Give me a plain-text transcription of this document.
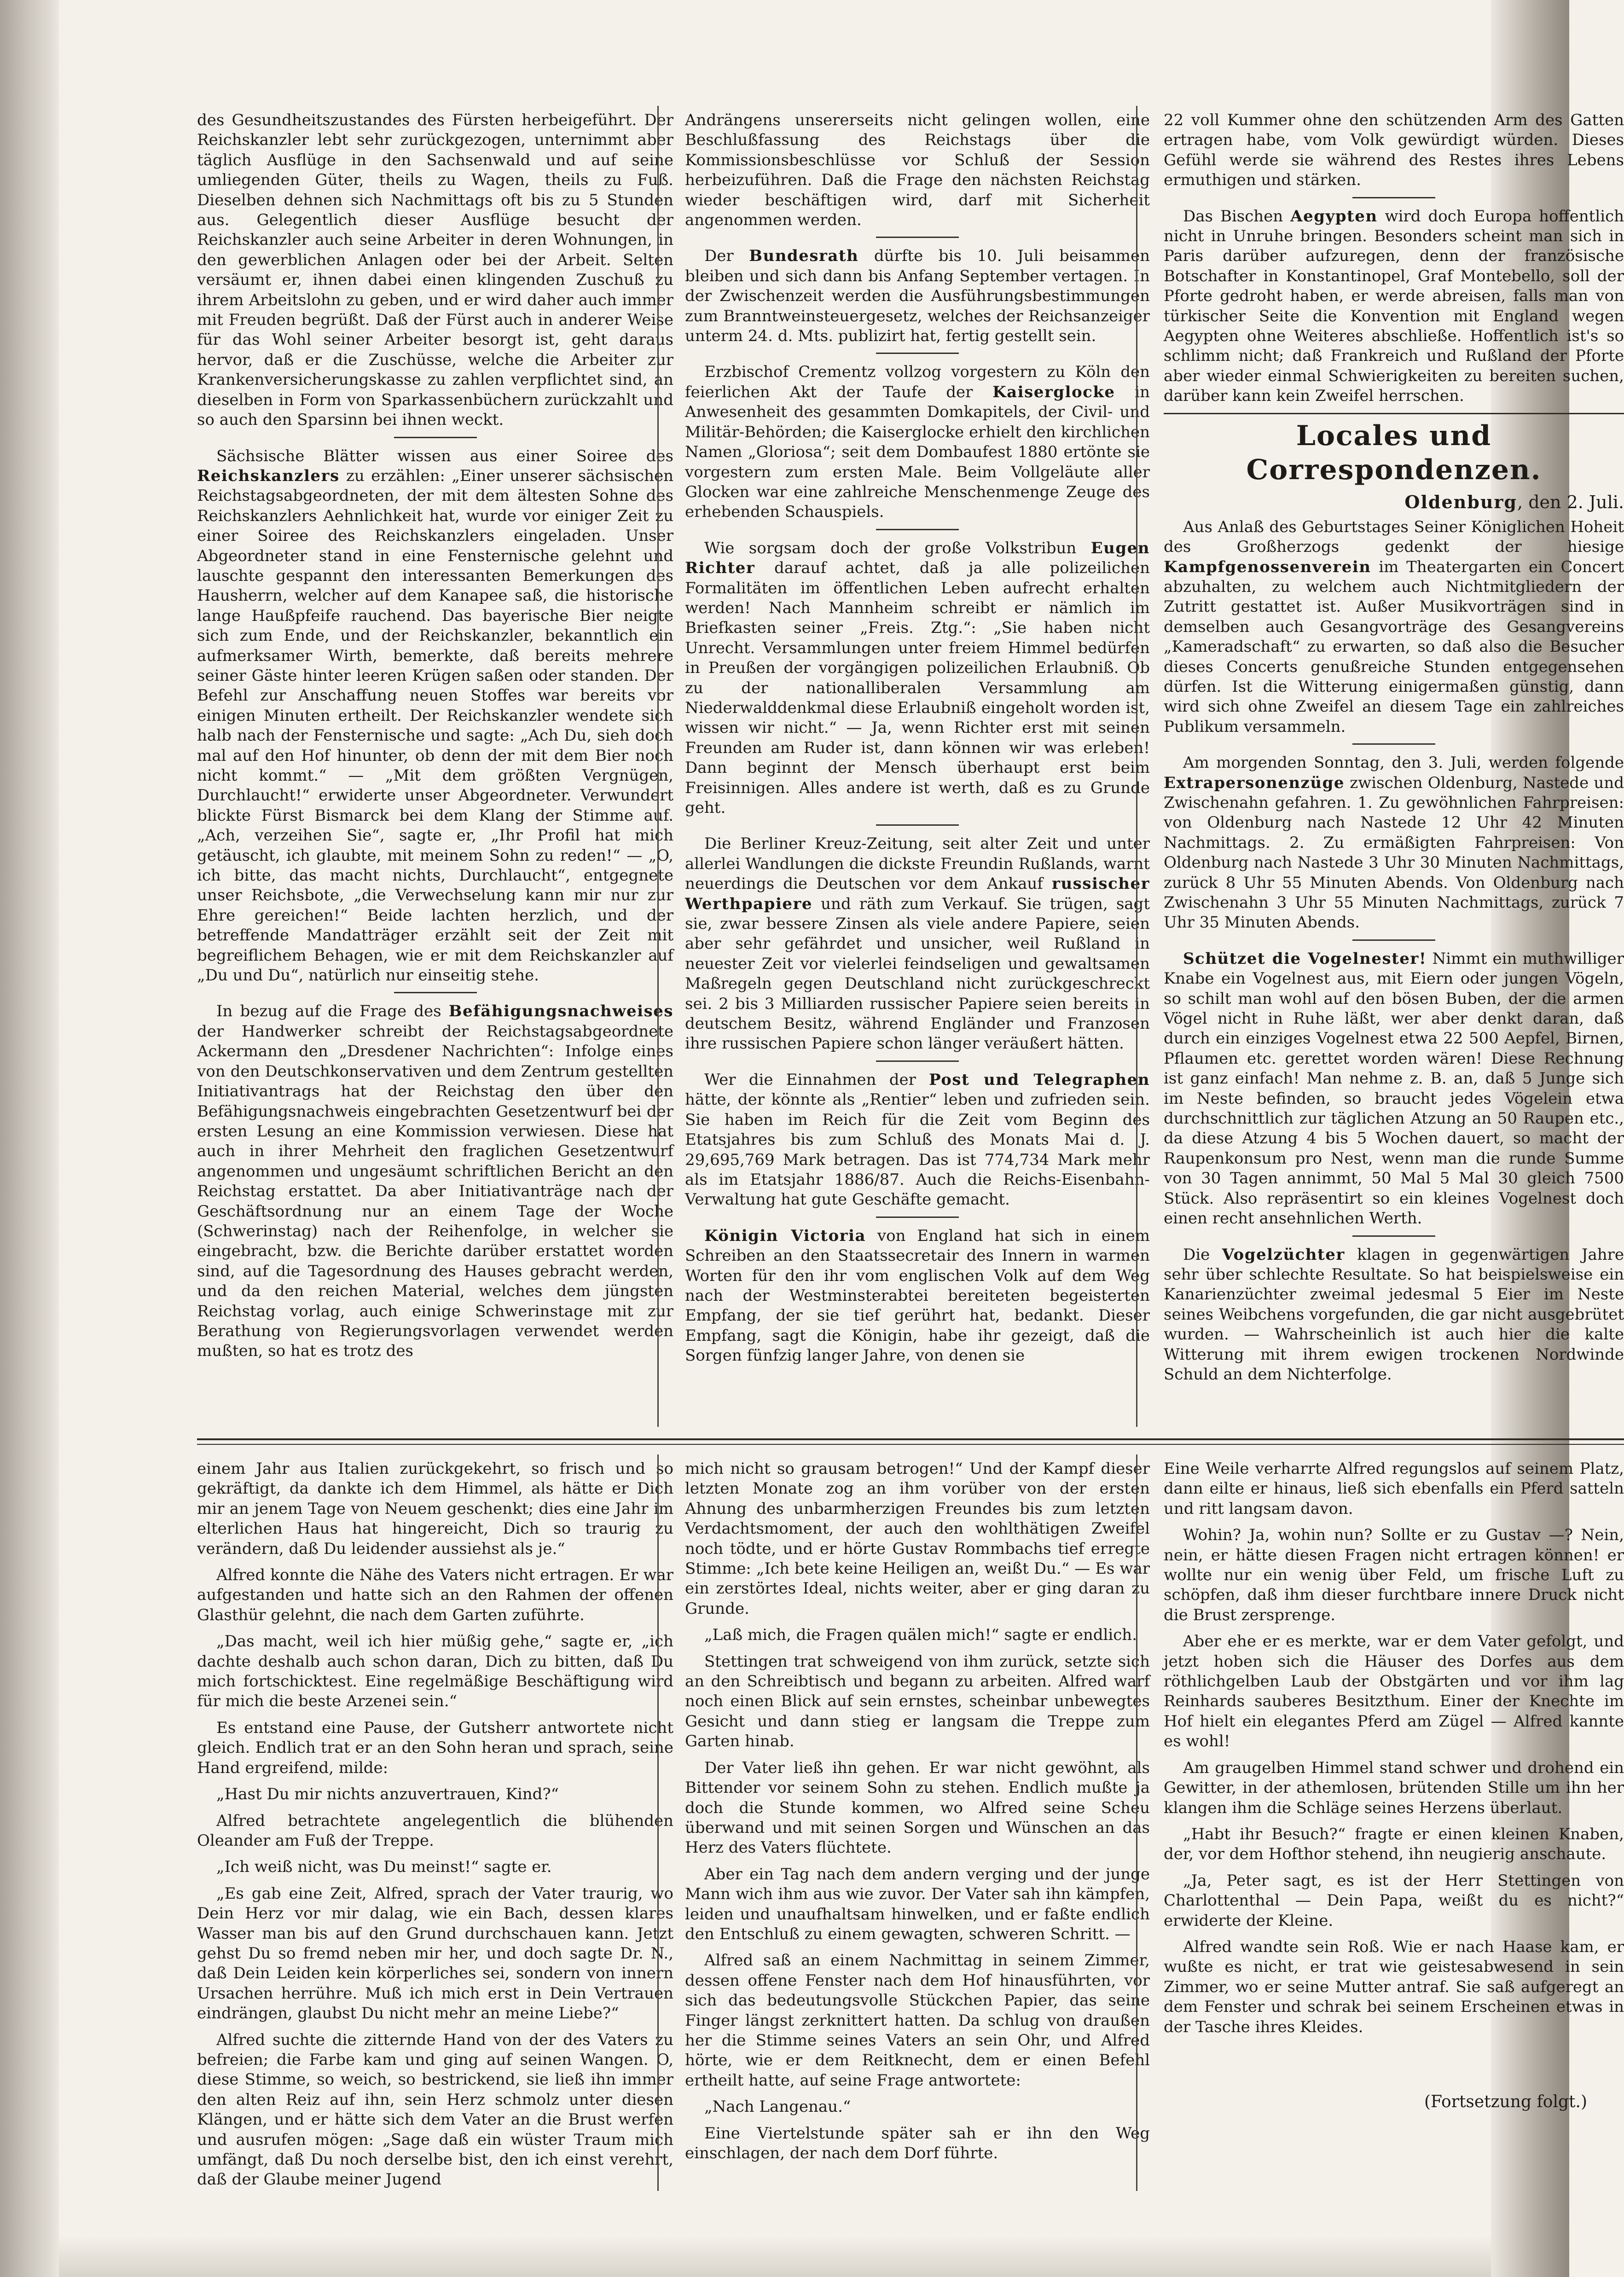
des Gesundheitszustandes des Fürsten herbeigeführt. Der Reichskanzler lebt sehr zurückgezogen, unternimmt aber täglich Ausflüge in den Sachsenwald und auf seine umliegenden Güter, theils zu Wagen, theils zu Fuß. Dieselben dehnen sich Nachmittags oft bis zu 5 Stunden aus. Gelegentlich dieser Ausflüge besucht der Reichskanzler auch seine Arbeiter in deren Wohnungen, in den gewerblichen Anlagen oder bei der Arbeit. Selten versäumt er, ihnen dabei einen klingenden Zuschuß zu ihrem Arbeitslohn zu geben, und er wird daher auch immer mit Freuden begrüßt. Daß der Fürst auch in anderer Weise für das Wohl seiner Arbeiter besorgt ist, geht daraus hervor, daß er die Zuschüsse, welche die Arbeiter zur Krankenversicherungskasse zu zahlen verpflichtet sind, an dieselben in Form von Sparkassenbüchern zurückzahlt und so auch den Sparsinn bei ihnen weckt.

Sächsische Blätter wissen aus einer Soiree des Reichskanzlers zu erzählen: „Einer unserer sächsischen Reichstagsabgeordneten, der mit dem ältesten Sohne des Reichskanzlers Aehnlichkeit hat, wurde vor einiger Zeit zu einer Soiree des Reichskanzlers eingeladen. Unser Abgeordneter stand in eine Fensternische gelehnt und lauschte gespannt den interessanten Bemerkungen des Hausherrn, welcher auf dem Kanapee saß, die historische lange Haußpfeife rauchend. Das bayerische Bier neigte sich zum Ende, und der Reichskanzler, bekanntlich ein aufmerksamer Wirth, bemerkte, daß bereits mehrere seiner Gäste hinter leeren Krügen saßen oder standen. Der Befehl zur Anschaffung neuen Stoffes war bereits vor einigen Minuten ertheilt. Der Reichskanzler wendete sich halb nach der Fensternische und sagte: „Ach Du, sieh doch mal auf den Hof hinunter, ob denn der mit dem Bier noch nicht kommt.“ — „Mit dem größten Vergnügen, Durchlaucht!“ erwiderte unser Abgeordneter. Verwundert blickte Fürst Bismarck bei dem Klang der Stimme auf. „Ach, verzeihen Sie“, sagte er, „Ihr Profil hat mich getäuscht, ich glaubte, mit meinem Sohn zu reden!“ — „O, ich bitte, das macht nichts, Durchlaucht“, entgegnete unser Reichsbote, „die Verwechselung kann mir nur zur Ehre gereichen!“ Beide lachten herzlich, und der betreffende Mandatträger erzählt seit der Zeit mit begreiflichem Behagen, wie er mit dem Reichskanzler auf „Du und Du“, natürlich nur einseitig stehe.

In bezug auf die Frage des Befähigungsnachweises der Handwerker schreibt der Reichstagsabgeordnete Ackermann den „Dresdener Nachrichten“: Infolge eines von den Deutschkonservativen und dem Zentrum gestellten Initiativantrags hat der Reichstag den über den Befähigungsnachweis eingebrachten Gesetzentwurf bei der ersten Lesung an eine Kommission verwiesen. Diese hat auch in ihrer Mehrheit den fraglichen Gesetzentwurf angenommen und ungesäumt schriftlichen Bericht an den Reichstag erstattet. Da aber Initiativanträge nach der Geschäftsordnung nur an einem Tage der Woche (Schwerinstag) nach der Reihenfolge, in welcher sie eingebracht, bzw. die Berichte darüber erstattet worden sind, auf die Tagesordnung des Hauses gebracht werden, und da den reichen Material, welches dem jüngsten Reichstag vorlag, auch einige Schwerinstage mit zur Berathung von Regierungsvorlagen verwendet werden mußten, so hat es trotz des

Andrängens unsererseits nicht gelingen wollen, eine Beschlußfassung des Reichstags über die Kommissionsbeschlüsse vor Schluß der Session herbeizuführen. Daß die Frage den nächsten Reichstag wieder beschäftigen wird, darf mit Sicherheit angenommen werden.

Der Bundesrath dürfte bis 10. Juli beisammen bleiben und sich dann bis Anfang September vertagen. In der Zwischenzeit werden die Ausführungsbestimmungen zum Branntweinsteuergesetz, welches der Reichsanzeiger unterm 24. d. Mts. publizirt hat, fertig gestellt sein.

Erzbischof Crementz vollzog vorgestern zu Köln den feierlichen Akt der Taufe der Kaiserglocke in Anwesenheit des gesammten Domkapitels, der Civil- und Militär-Behörden; die Kaiserglocke erhielt den kirchlichen Namen „Gloriosa“; seit dem Dombaufest 1880 ertönte sie vorgestern zum ersten Male. Beim Vollgeläute aller Glocken war eine zahlreiche Menschenmenge Zeuge des erhebenden Schauspiels.

Wie sorgsam doch der große Volkstribun Eugen Richter darauf achtet, daß ja alle polizeilichen Formalitäten im öffentlichen Leben aufrecht erhalten werden! Nach Mannheim schreibt er nämlich im Briefkasten seiner „Freis. Ztg.“: „Sie haben nicht Unrecht. Versammlungen unter freiem Himmel bedürfen in Preußen der vorgängigen polizeilichen Erlaubniß. Ob zu der nationalliberalen Versammlung am Niederwalddenkmal diese Erlaubniß eingeholt worden ist, wissen wir nicht.“ — Ja, wenn Richter erst mit seinen Freunden am Ruder ist, dann können wir was erleben! Dann beginnt der Mensch überhaupt erst beim Freisinnigen. Alles andere ist werth, daß es zu Grunde geht.

Die Berliner Kreuz-Zeitung, seit alter Zeit und unter allerlei Wandlungen die dickste Freundin Rußlands, warnt neuerdings die Deutschen vor dem Ankauf russischer Werthpapiere und räth zum Verkauf. Sie trügen, sagt sie, zwar bessere Zinsen als viele andere Papiere, seien aber sehr gefährdet und unsicher, weil Rußland in neuester Zeit vor vielerlei feindseligen und gewaltsamen Maßregeln gegen Deutschland nicht zurückgeschreckt sei. 2 bis 3 Milliarden russischer Papiere seien bereits in deutschem Besitz, während Engländer und Franzosen ihre russischen Papiere schon länger veräußert hätten.

Wer die Einnahmen der Post und Telegraphen hätte, der könnte als „Rentier“ leben und zufrieden sein. Sie haben im Reich für die Zeit vom Beginn des Etatsjahres bis zum Schluß des Monats Mai d. J. 29,695,769 Mark betragen. Das ist 774,734 Mark mehr als im Etatsjahr 1886/87. Auch die Reichs-Eisenbahn-Verwaltung hat gute Geschäfte gemacht.

Königin Victoria von England hat sich in einem Schreiben an den Staatssecretair des Innern in warmen Worten für den ihr vom englischen Volk auf dem Weg nach der Westminsterabtei bereiteten begeisterten Empfang, der sie tief gerührt hat, bedankt. Dieser Empfang, sagt die Königin, habe ihr gezeigt, daß die Sorgen fünfzig langer Jahre, von denen sie

22 voll Kummer ohne den schützenden Arm des Gatten ertragen habe, vom Volk gewürdigt würden. Dieses Gefühl werde sie während des Restes ihres Lebens ermuthigen und stärken.

Das Bischen Aegypten wird doch Europa hoffentlich nicht in Unruhe bringen. Besonders scheint man sich in Paris darüber aufzuregen, denn der französische Botschafter in Konstantinopel, Graf Montebello, soll der Pforte gedroht haben, er werde abreisen, falls man von türkischer Seite die Konvention mit England wegen Aegypten ohne Weiteres abschließe. Hoffentlich ist's so schlimm nicht; daß Frankreich und Rußland der Pforte aber wieder einmal Schwierigkeiten zu bereiten suchen, darüber kann kein Zweifel herrschen.

Locales und Correspondenzen.
Oldenburg, den 2. Juli.

Aus Anlaß des Geburtstages Seiner Königlichen Hoheit des Großherzogs gedenkt der hiesige Kampfgenossenverein im Theatergarten ein Concert abzuhalten, zu welchem auch Nichtmitgliedern der Zutritt gestattet ist. Außer Musikvorträgen sind in demselben auch Gesangvorträge des Gesangvereins „Kameradschaft“ zu erwarten, so daß also die Besucher dieses Concerts genußreiche Stunden entgegensehen dürfen. Ist die Witterung einigermaßen günstig, dann wird sich ohne Zweifel an diesem Tage ein zahlreiches Publikum versammeln.

Am morgenden Sonntag, den 3. Juli, werden folgende Extrapersonenzüge zwischen Oldenburg, Nastede und Zwischenahn gefahren. 1. Zu gewöhnlichen Fahrpreisen: von Oldenburg nach Nastede 12 Uhr 42 Minuten Nachmittags. 2. Zu ermäßigten Fahrpreisen: Von Oldenburg nach Nastede 3 Uhr 30 Minuten Nachmittags, zurück 8 Uhr 55 Minuten Abends. Von Oldenburg nach Zwischenahn 3 Uhr 55 Minuten Nachmittags, zurück 7 Uhr 35 Minuten Abends.

Schützet die Vogelnester! Nimmt ein muthwilliger Knabe ein Vogelnest aus, mit Eiern oder jungen Vögeln, so schilt man wohl auf den bösen Buben, der die armen Vögel nicht in Ruhe läßt, wer aber denkt daran, daß durch ein einziges Vogelnest etwa 22 500 Aepfel, Birnen, Pflaumen etc. gerettet worden wären! Diese Rechnung ist ganz einfach! Man nehme z. B. an, daß 5 Junge sich im Neste befinden, so braucht jedes Vögelein etwa durchschnittlich zur täglichen Atzung an 50 Raupen etc., da diese Atzung 4 bis 5 Wochen dauert, so macht der Raupenkonsum pro Nest, wenn man die runde Summe von 30 Tagen annimmt, 50 Mal 5 Mal 30 gleich 7500 Stück. Also repräsentirt so ein kleines Vogelnest doch einen recht ansehnlichen Werth.

Die Vogelzüchter klagen in gegenwärtigen Jahre sehr über schlechte Resultate. So hat beispielsweise ein Kanarienzüchter zweimal jedesmal 5 Eier im Neste seines Weibchens vorgefunden, die gar nicht ausgebrütet wurden. — Wahrscheinlich ist auch hier die kalte Witterung mit ihrem ewigen trockenen Nordwinde Schuld an dem Nichterfolge.

einem Jahr aus Italien zurückgekehrt, so frisch und so gekräftigt, da dankte ich dem Himmel, als hätte er Dich mir an jenem Tage von Neuem geschenkt; dies eine Jahr im elterlichen Haus hat hingereicht, Dich so traurig zu verändern, daß Du leidender aussiehst als je.“

Alfred konnte die Nähe des Vaters nicht ertragen. Er war aufgestanden und hatte sich an den Rahmen der offenen Glasthür gelehnt, die nach dem Garten zuführte.

„Das macht, weil ich hier müßig gehe,“ sagte er, „ich dachte deshalb auch schon daran, Dich zu bitten, daß Du mich fortschicktest. Eine regelmäßige Beschäftigung wird für mich die beste Arzenei sein.“

Es entstand eine Pause, der Gutsherr antwortete nicht gleich. Endlich trat er an den Sohn heran und sprach, seine Hand ergreifend, milde:

„Hast Du mir nichts anzuvertrauen, Kind?“

Alfred betrachtete angelegentlich die blühenden Oleander am Fuß der Treppe.

„Ich weiß nicht, was Du meinst!“ sagte er.

„Es gab eine Zeit, Alfred, sprach der Vater traurig, wo Dein Herz vor mir dalag, wie ein Bach, dessen klares Wasser man bis auf den Grund durchschauen kann. Jetzt gehst Du so fremd neben mir her, und doch sagte Dr. N., daß Dein Leiden kein körperliches sei, sondern von innern Ursachen herrühre. Muß ich mich erst in Dein Vertrauen eindrängen, glaubst Du nicht mehr an meine Liebe?“

Alfred suchte die zitternde Hand von der des Vaters zu befreien; die Farbe kam und ging auf seinen Wangen. O, diese Stimme, so weich, so bestrickend, sie ließ ihn immer den alten Reiz auf ihn, sein Herz schmolz unter diesen Klängen, und er hätte sich dem Vater an die Brust werfen und ausrufen mögen: „Sage daß ein wüster Traum mich umfängt, daß Du noch derselbe bist, den ich einst verehrt, daß der Glaube meiner Jugend

mich nicht so grausam betrogen!“ Und der Kampf dieser letzten Monate zog an ihm vorüber von der ersten Ahnung des unbarmherzigen Freundes bis zum letzten Verdachtsmoment, der auch den wohlthätigen Zweifel noch tödte, und er hörte Gustav Rommbachs tief erregte Stimme: „Ich bete keine Heiligen an, weißt Du.“ — Es war ein zerstörtes Ideal, nichts weiter, aber er ging daran zu Grunde.

„Laß mich, die Fragen quälen mich!“ sagte er endlich.

Stettingen trat schweigend von ihm zurück, setzte sich an den Schreibtisch und begann zu arbeiten. Alfred warf noch einen Blick auf sein ernstes, scheinbar unbewegtes Gesicht und dann stieg er langsam die Treppe zum Garten hinab.

Der Vater ließ ihn gehen. Er war nicht gewöhnt, als Bittender vor seinem Sohn zu stehen. Endlich mußte ja doch die Stunde kommen, wo Alfred seine Scheu überwand und mit seinen Sorgen und Wünschen an das Herz des Vaters flüchtete.

Aber ein Tag nach dem andern verging und der junge Mann wich ihm aus wie zuvor. Der Vater sah ihn kämpfen, leiden und unaufhaltsam hinwelken, und er faßte endlich den Entschluß zu einem gewagten, schweren Schritt. —

Alfred saß an einem Nachmittag in seinem Zimmer, dessen offene Fenster nach dem Hof hinausführten, vor sich das bedeutungsvolle Stückchen Papier, das seine Finger längst zerknittert hatten. Da schlug von draußen her die Stimme seines Vaters an sein Ohr, und Alfred hörte, wie er dem Reitknecht, dem er einen Befehl ertheilt hatte, auf seine Frage antwortete:

„Nach Langenau.“

Eine Viertelstunde später sah er ihn den Weg einschlagen, der nach dem Dorf führte.

Eine Weile verharrte Alfred regungslos auf seinem Platz, dann eilte er hinaus, ließ sich ebenfalls ein Pferd satteln und ritt langsam davon.

Wohin? Ja, wohin nun? Sollte er zu Gustav —? Nein, nein, er hätte diesen Fragen nicht ertragen können! er wollte nur ein wenig über Feld, um frische Luft zu schöpfen, daß ihm dieser furchtbare innere Druck nicht die Brust zersprenge.

Aber ehe er es merkte, war er dem Vater gefolgt, und jetzt hoben sich die Häuser des Dorfes aus dem röthlichgelben Laub der Obstgärten und vor ihm lag Reinhards sauberes Besitzthum. Einer der Knechte im Hof hielt ein elegantes Pferd am Zügel — Alfred kannte es wohl!

Am graugelben Himmel stand schwer und drohend ein Gewitter, in der athemlosen, brütenden Stille um ihn her klangen ihm die Schläge seines Herzens überlaut.

„Habt ihr Besuch?“ fragte er einen kleinen Knaben, der, vor dem Hofthor stehend, ihn neugierig anschaute.

„Ja, Peter sagt, es ist der Herr Stettingen von Charlottenthal — Dein Papa, weißt du es nicht?“ erwiderte der Kleine.

Alfred wandte sein Roß. Wie er nach Haase kam, er wußte es nicht, er trat wie geistesabwesend in sein Zimmer, wo er seine Mutter antraf. Sie saß aufgeregt an dem Fenster und schrak bei seinem Erscheinen etwas in der Tasche ihres Kleides.

(Fortsetzung folgt.)
